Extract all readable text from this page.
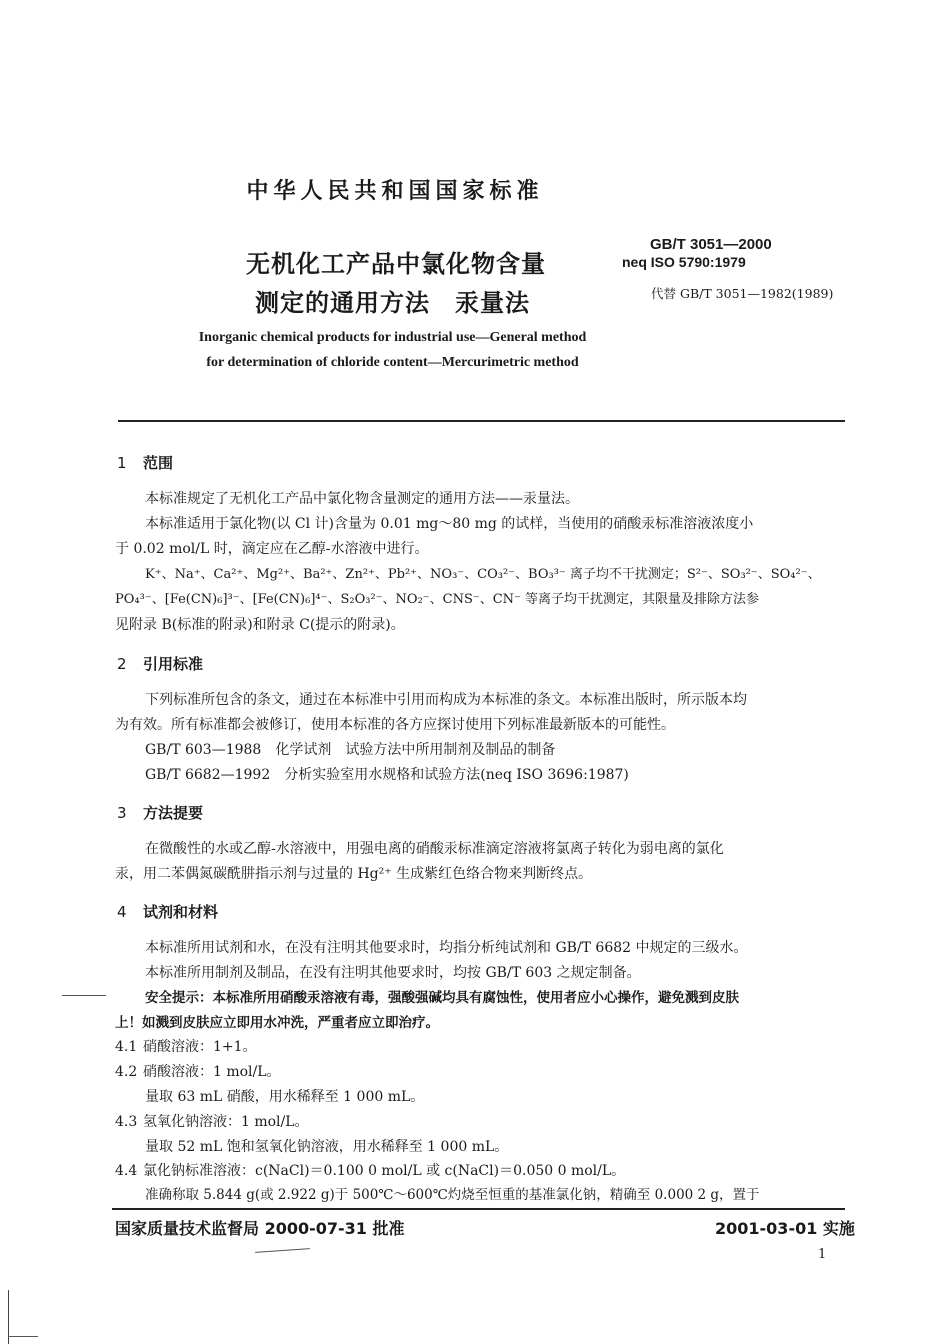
中华人民共和国国家标准
无机化工产品中氯化物含量
测定的通用方法　汞量法
GB/T 3051—2000
neq ISO 5790:1979
代替 GB/T 3051—1982(1989)
Inorganic chemical products for industrial use—General method
for determination of chloride content—Mercurimetric method
1 范围
本标准规定了无机化工产品中氯化物含量测定的通用方法——汞量法。
本标准适用于氯化物(以 Cl 计)含量为 0.01 mg～80 mg 的试样，当使用的硝酸汞标准溶液浓度小
于 0.02 mol/L 时，滴定应在乙醇-水溶液中进行。
K⁺、Na⁺、Ca²⁺、Mg²⁺、Ba²⁺、Zn²⁺、Pb²⁺、NO₃⁻、CO₃²⁻、BO₃³⁻ 离子均不干扰测定；S²⁻、SO₃²⁻、SO₄²⁻、
PO₄³⁻、[Fe(CN)₆]³⁻、[Fe(CN)₆]⁴⁻、S₂O₃²⁻、NO₂⁻、CNS⁻、CN⁻ 等离子均干扰测定，其限量及排除方法参
见附录 B(标准的附录)和附录 C(提示的附录)。
2 引用标准
下列标准所包含的条文，通过在本标准中引用而构成为本标准的条文。本标准出版时，所示版本均
为有效。所有标准都会被修订，使用本标准的各方应探讨使用下列标准最新版本的可能性。
GB/T 603—1988　化学试剂　试验方法中所用制剂及制品的制备
GB/T 6682—1992　分析实验室用水规格和试验方法(neq ISO 3696:1987)
3 方法提要
在微酸性的水或乙醇-水溶液中，用强电离的硝酸汞标准滴定溶液将氯离子转化为弱电离的氯化
汞，用二苯偶氮碳酰肼指示剂与过量的 Hg²⁺ 生成紫红色络合物来判断终点。
4 试剂和材料
本标准所用试剂和水，在没有注明其他要求时，均指分析纯试剂和 GB/T 6682 中规定的三级水。
本标准所用制剂及制品，在没有注明其他要求时，均按 GB/T 603 之规定制备。
安全提示：本标准所用硝酸汞溶液有毒，强酸强碱均具有腐蚀性，使用者应小心操作，避免溅到皮肤
上！如溅到皮肤应立即用水冲洗，严重者应立即治疗。
4.1 硝酸溶液：1+1。
4.2 硝酸溶液：1 mol/L。
量取 63 mL 硝酸，用水稀释至 1 000 mL。
4.3 氢氧化钠溶液：1 mol/L。
量取 52 mL 饱和氢氧化钠溶液，用水稀释至 1 000 mL。
4.4 氯化钠标准溶液：c(NaCl)＝0.100 0 mol/L 或 c(NaCl)＝0.050 0 mol/L。
准确称取 5.844 g(或 2.922 g)于 500℃～600℃灼烧至恒重的基准氯化钠，精确至 0.000 2 g，置于
国家质量技术监督局 2000-07-31 批准	2001-03-01 实施
1
